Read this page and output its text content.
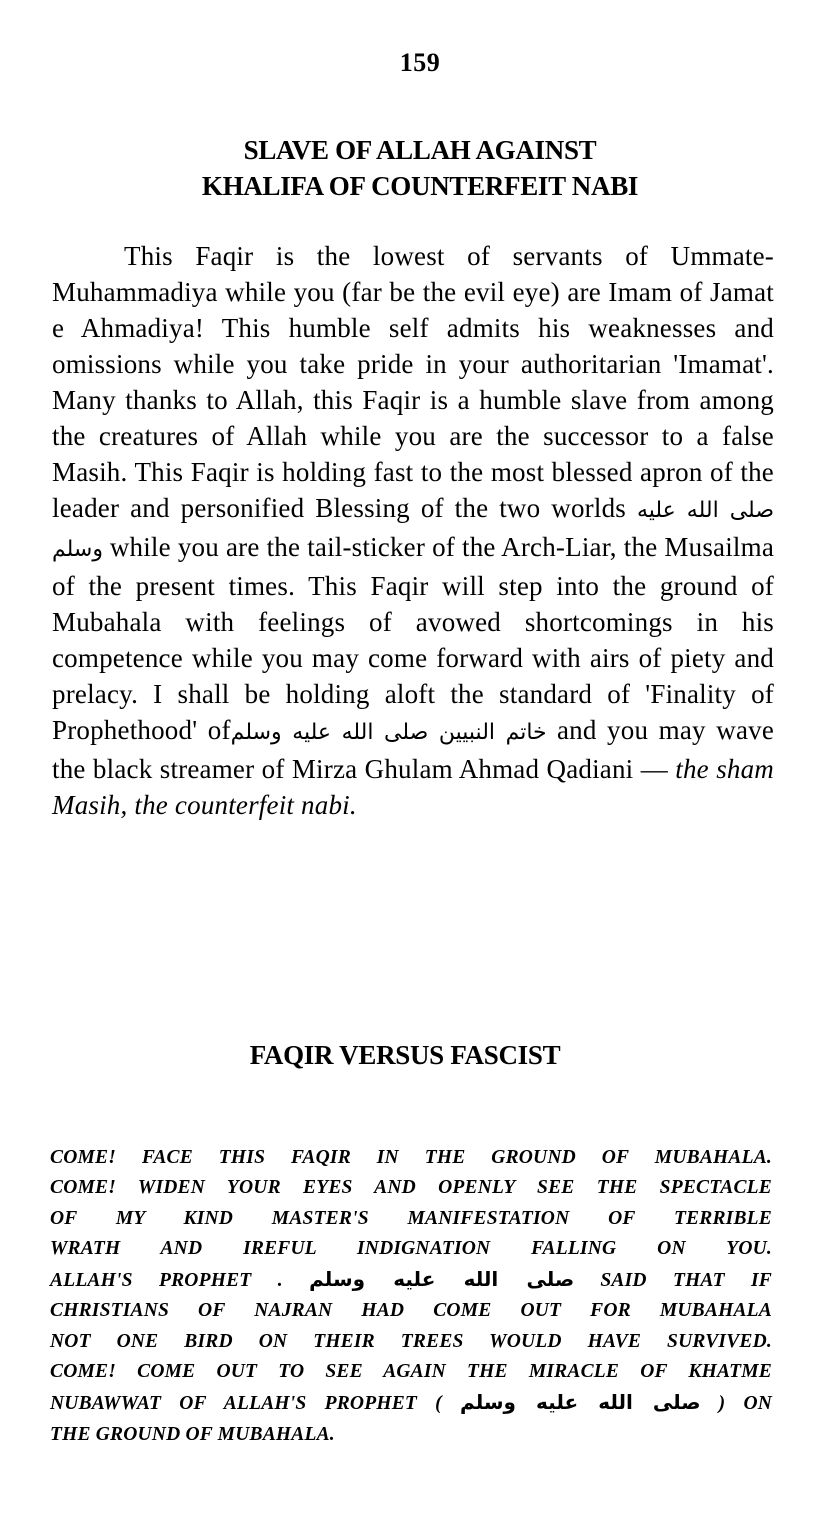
159
SLAVE OF ALLAH AGAINST
KHALIFA OF COUNTERFEIT NABI
This Faqir is the lowest of servants of Ummate-Muhammadiya while you (far be the evil eye) are Imam of Jamat e Ahmadiya! This humble self admits his weaknesses and omissions while you take pride in your authoritarian 'Imamat'. Many thanks to Allah, this Faqir is a humble slave from among the creatures of Allah while you are the successor to a false Masih. This Faqir is holding fast to the most blessed apron of the leader and personified Blessing of the two worlds صلى الله عليه وسلم while you are the tail-sticker of the Arch-Liar, the Musailma of the present times. This Faqir will step into the ground of Mubahala with feelings of avowed shortcomings in his competence while you may come forward with airs of piety and prelacy. I shall be holding aloft the standard of 'Finality of Prophethood' ofخاتم النبيين صلى الله عليه وسلم and you may wave the black streamer of Mirza Ghulam Ahmad Qadiani — the sham Masih, the counterfeit nabi.
FAQIR VERSUS FASCIST
COME! FACE THIS FAQIR IN THE GROUND OF MUBAHALA.
COME! WIDEN YOUR EYES AND OPENLY SEE THE SPECTACLE
OF MY KIND MASTER'S MANIFESTATION OF TERRIBLE
WRATH AND IREFUL INDIGNATION FALLING ON YOU.
ALLAH'S PROPHET . صلى الله عليه وسلم SAID THAT IF
CHRISTIANS OF NAJRAN HAD COME OUT FOR MUBAHALA
NOT ONE BIRD ON THEIR TREES WOULD HAVE SURVIVED.
COME! COME OUT TO SEE AGAIN THE MIRACLE OF KHATME
NUBAWWAT OF ALLAH'S PROPHET ( صلى الله عليه وسلم ) ON
THE GROUND OF MUBAHALA.
